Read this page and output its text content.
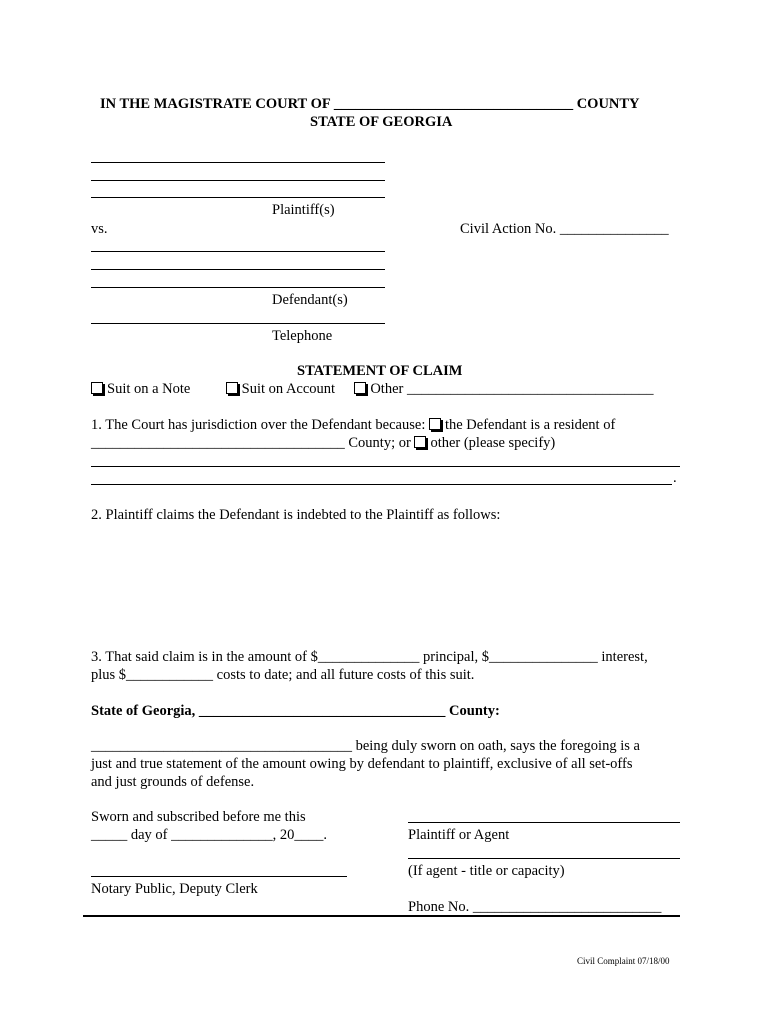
IN THE MAGISTRATE COURT OF _________________________________ COUNTY
STATE OF GEORGIA
Plaintiff(s)
vs.	Civil Action No. _______________
Defendant(s)
Telephone
STATEMENT OF CLAIM
Suit on a Note	Suit on Account Other __________________________________
1. The Court has jurisdiction over the Defendant because: the Defendant is a resident of
___________________________________ County; or other (please specify)
.
2. Plaintiff claims the Defendant is indebted to the Plaintiff as follows:
3. That said claim is in the amount of $______________ principal, $_______________ interest,
plus $____________ costs to date; and all future costs of this suit.
State of Georgia, __________________________________ County:
____________________________________ being duly sworn on oath, says the foregoing is a
just and true statement of the amount owing by defendant to plaintiff, exclusive of all set-offs
and just grounds of defense.
Sworn and subscribed before me this
_____ day of ______________, 20____.	Plaintiff or Agent
(If agent - title or capacity)
Notary Public, Deputy Clerk
Phone No. __________________________
Civil Complaint 07/18/00
